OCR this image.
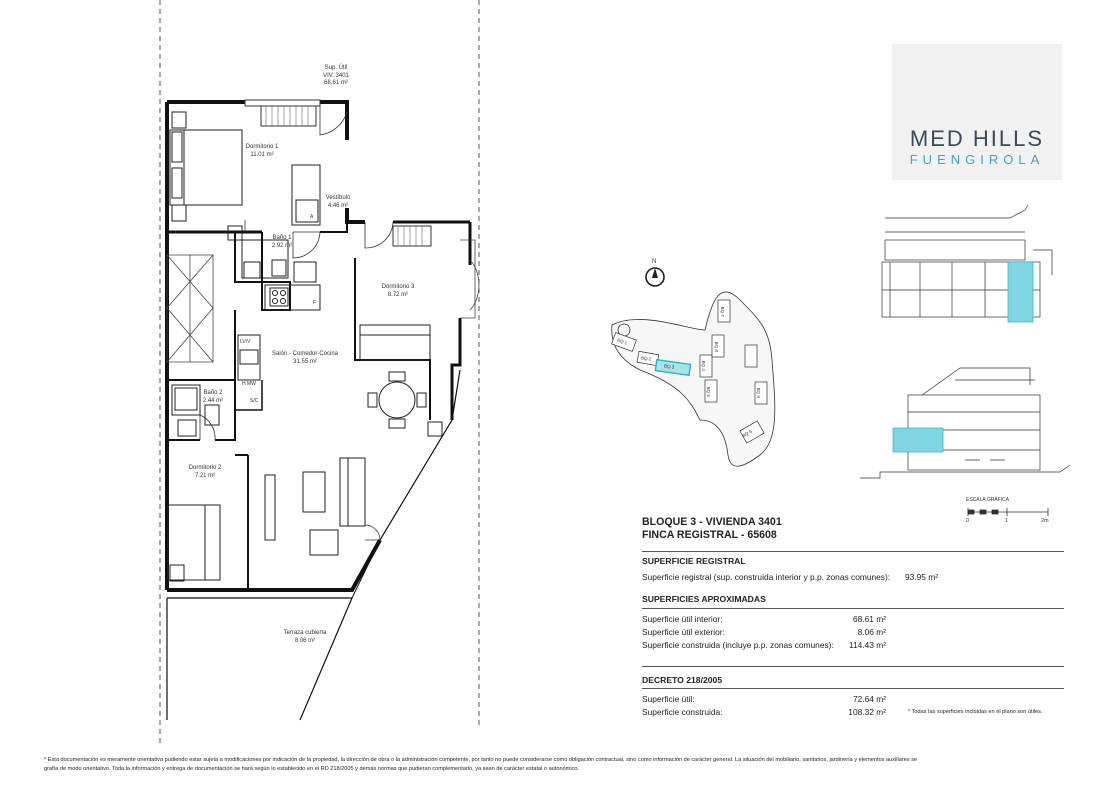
Sup. Útil
VIV. 3401
68.61 m²
Dormitorio 1
11.01 m²
Vestíbulo
4.46 m²
Baño 1
2.92 m²
Dormitorio 3
8.72 m²
Salón - Comedor-Cocina
31.55 m²
Baño 2
2.44 m²
Dormitorio 2
7.21 m²
Terraza cubierta
8.06 m²
A
F
LV/V
H MW
S/C
N
BQ 1
BQ 2
BQ 3	BQ 4
BQ 5
BQ 6
BQ 7
BQ 8
BQ 9
ESCALA GRÁFICA
0	1	2m
MED HILLS
FUENGIROLA
BLOQUE 3 - VIVIENDA 3401
FINCA REGISTRAL - 65608
SUPERFICIE REGISTRAL
Superficie registral (sup. construida interior y p.p. zonas comunes): 93.95 m²
SUPERFICIES APROXIMADAS
Superficie útil interior:	68.61 m²
Superficie útil exterior:	8.06 m²
Superficie construida (incluye p.p. zonas comunes):	114.43 m²
DECRETO 218/2005
Superficie útil:	72.64 m²
Superficie construida:	108.32 m²	* Todas las superficies incluidas en el plano son útiles.
* Esta documentación es meramente orientativa pudiendo estar sujeta a modificaciones por indicación de la propiedad, la dirección de obra o la administración competente, por tanto no puede considerarse como obligación contractual, sino como información de carácter general. La situación del mobiliario, sanitarios, jardinería y elementos auxiliares se
grafía de modo orientativo. Toda la información y entrega de documentación se hará según lo establecido en el RD 218/2005 y demás normas que pudieran complementarlo, ya sean de carácter estatal o autonómico.
